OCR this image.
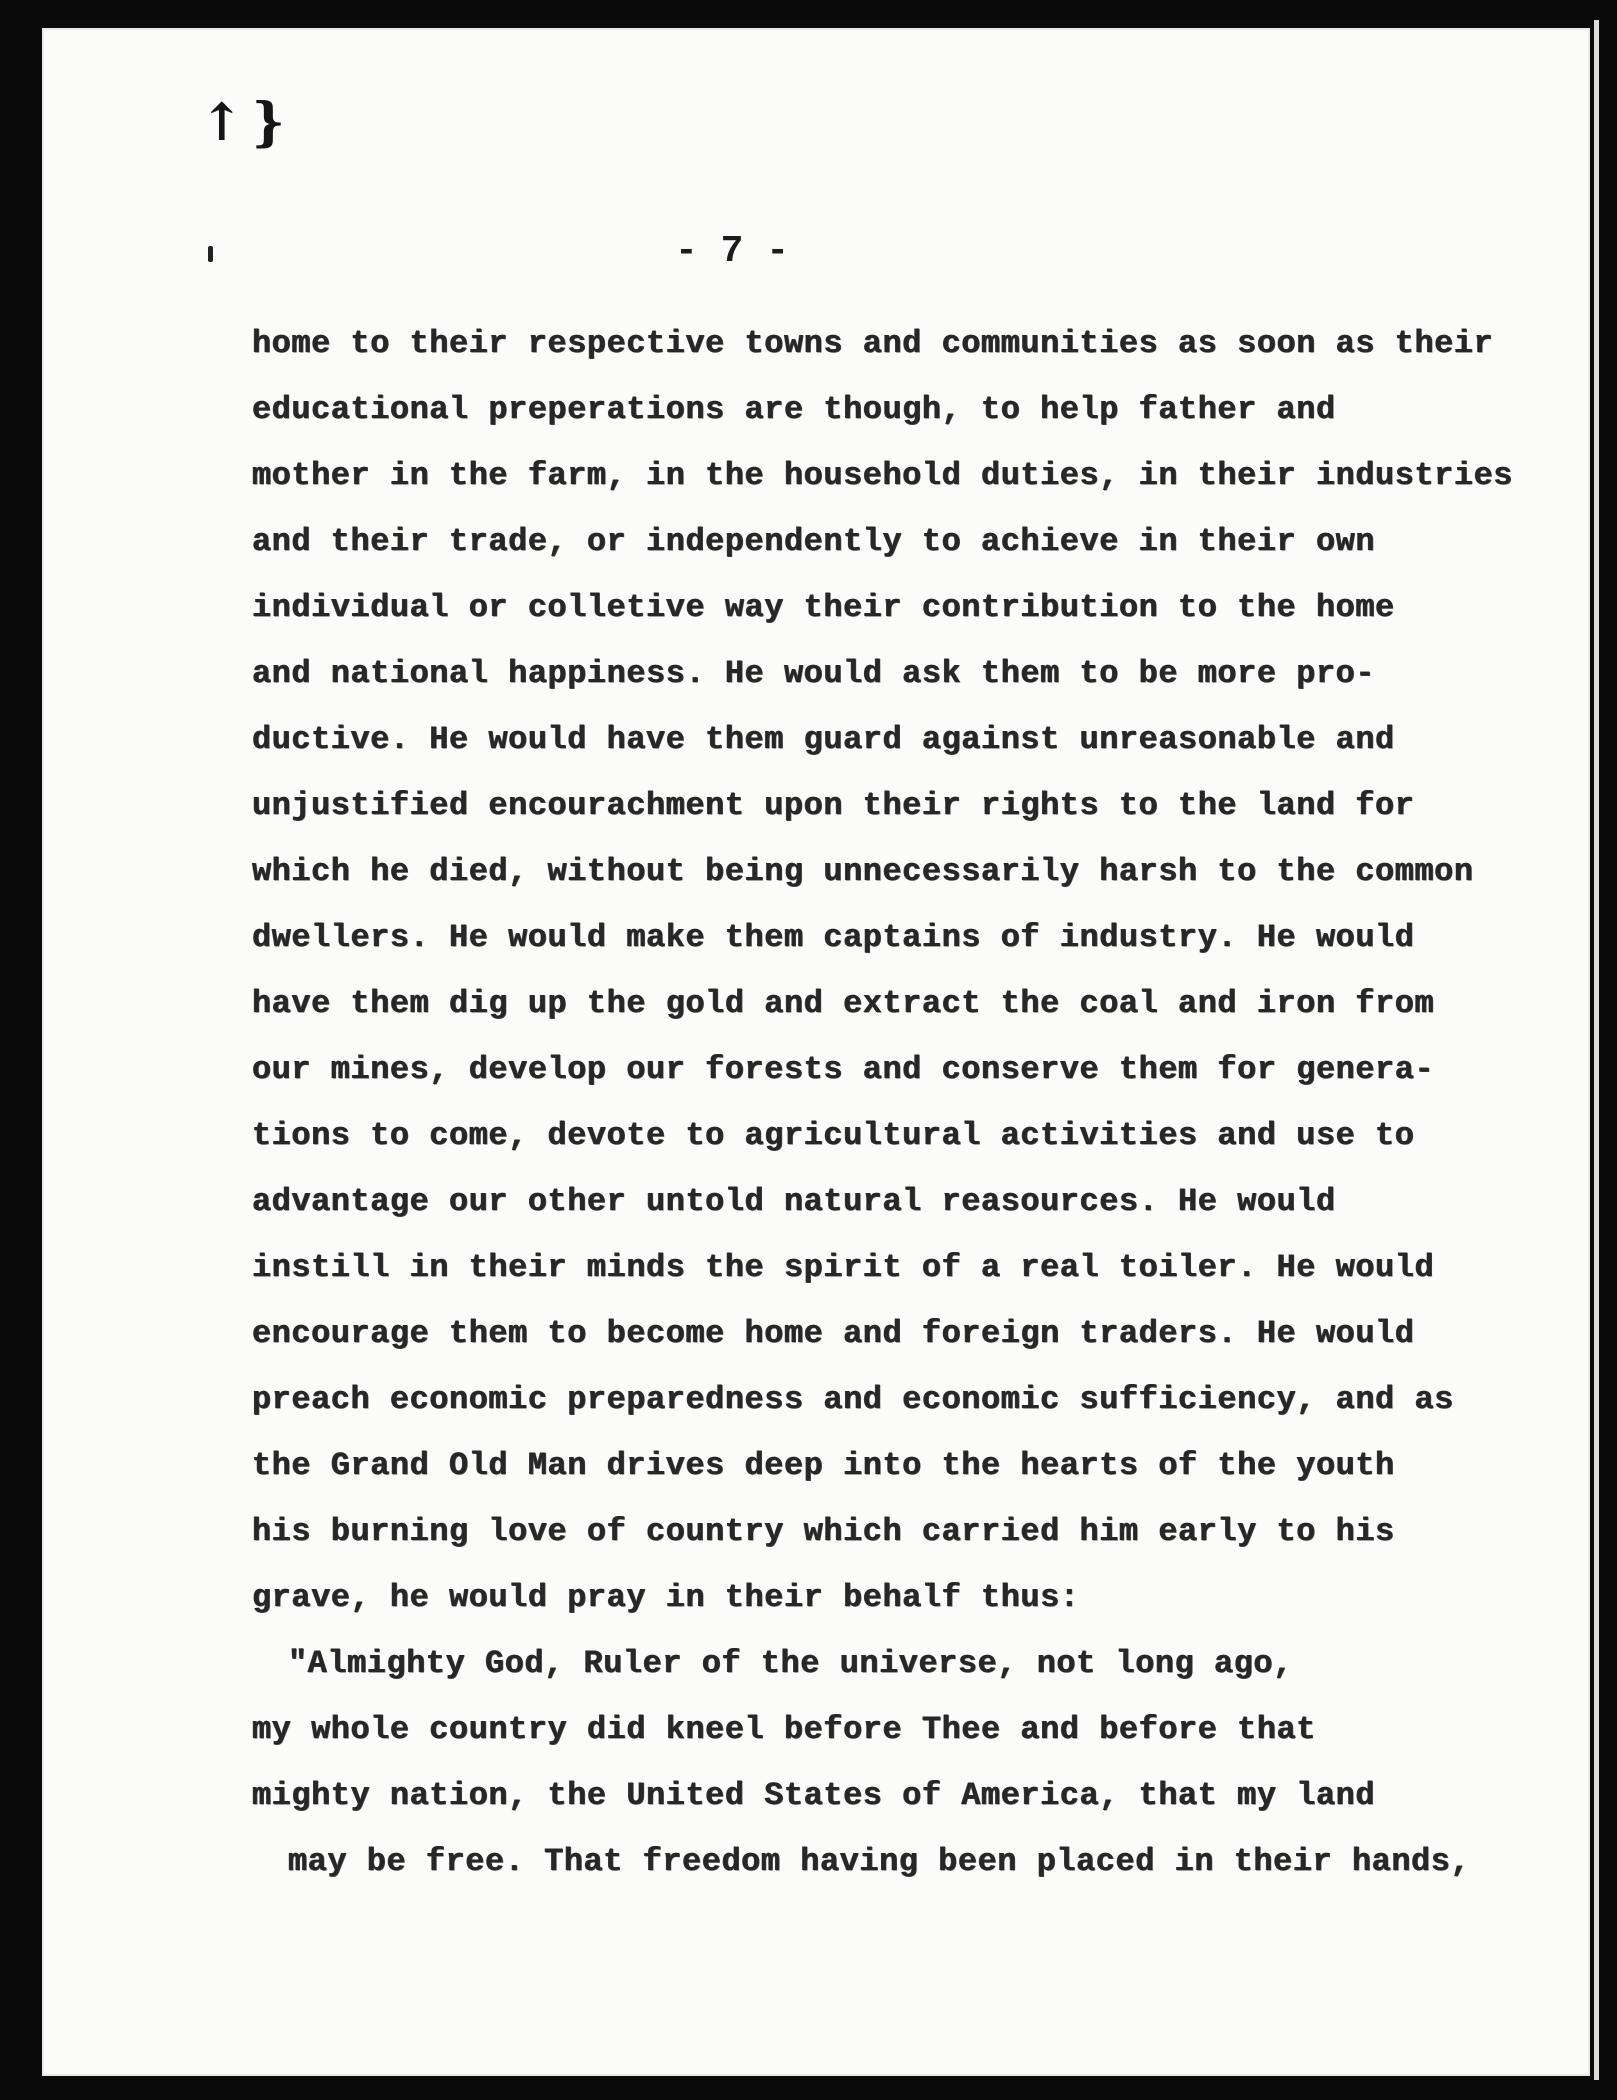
↑}
- 7 -
home to their respective towns and communities as soon as their
educational preperations are though, to help father and
mother in the farm, in the household duties, in their industries
and their trade, or independently to achieve in their own
individual or colletive way their contribution to the home
and national happiness. He would ask them to be more pro-
ductive. He would have them guard against unreasonable and
unjustified encourachment upon their rights to the land for
which he died, without being unnecessarily harsh to the common
dwellers. He would make them captains of industry. He would
have them dig up the gold and extract the coal and iron from
our mines, develop our forests and conserve them for genera-
tions to come, devote to agricultural activities and use to
advantage our other untold natural reasources. He would
instill in their minds the spirit of a real toiler. He would
encourage them to become home and foreign traders. He would
preach economic preparedness and economic sufficiency, and as
the Grand Old Man drives deep into the hearts of the youth
his burning love of country which carried him early to his
grave, he would pray in their behalf thus:
"Almighty God, Ruler of the universe, not long ago,
my whole country did kneel before Thee and before that
mighty nation, the United States of America, that my land
may be free. That freedom having been placed in their hands,
